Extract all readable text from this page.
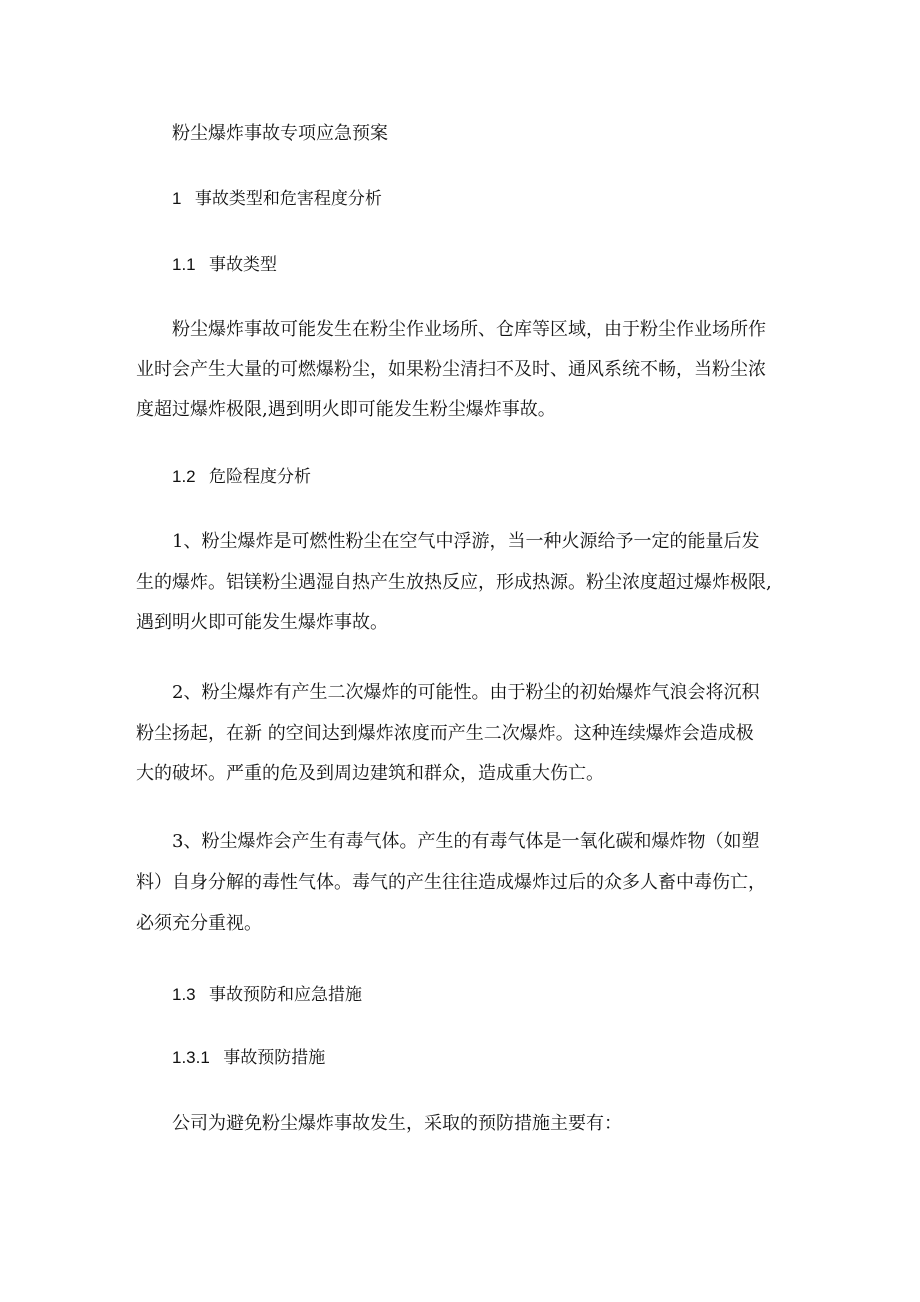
粉尘爆炸事故专项应急预案
1 事故类型和危害程度分析
1.1 事故类型
粉尘爆炸事故可能发生在粉尘作业场所、仓库等区域，由于粉尘作业场所作
业时会产生大量的可燃爆粉尘，如果粉尘清扫不及时、通风系统不畅，当粉尘浓
度超过爆炸极限,遇到明火即可能发生粉尘爆炸事故。
1.2 危险程度分析
1、粉尘爆炸是可燃性粉尘在空气中浮游，当一种火源给予一定的能量后发
生的爆炸。铝镁粉尘遇湿自热产生放热反应，形成热源。粉尘浓度超过爆炸极限,
遇到明火即可能发生爆炸事故。
2、粉尘爆炸有产生二次爆炸的可能性。由于粉尘的初始爆炸气浪会将沉积
粉尘扬起，在新 的空间达到爆炸浓度而产生二次爆炸。这种连续爆炸会造成极
大的破坏。严重的危及到周边建筑和群众，造成重大伤亡。
3、粉尘爆炸会产生有毒气体。产生的有毒气体是一氧化碳和爆炸物（如塑
料）自身分解的毒性气体。毒气的产生往往造成爆炸过后的众多人畜中毒伤亡，
必须充分重视。
1.3 事故预防和应急措施
1.3.1 事故预防措施
公司为避免粉尘爆炸事故发生，采取的预防措施主要有：
